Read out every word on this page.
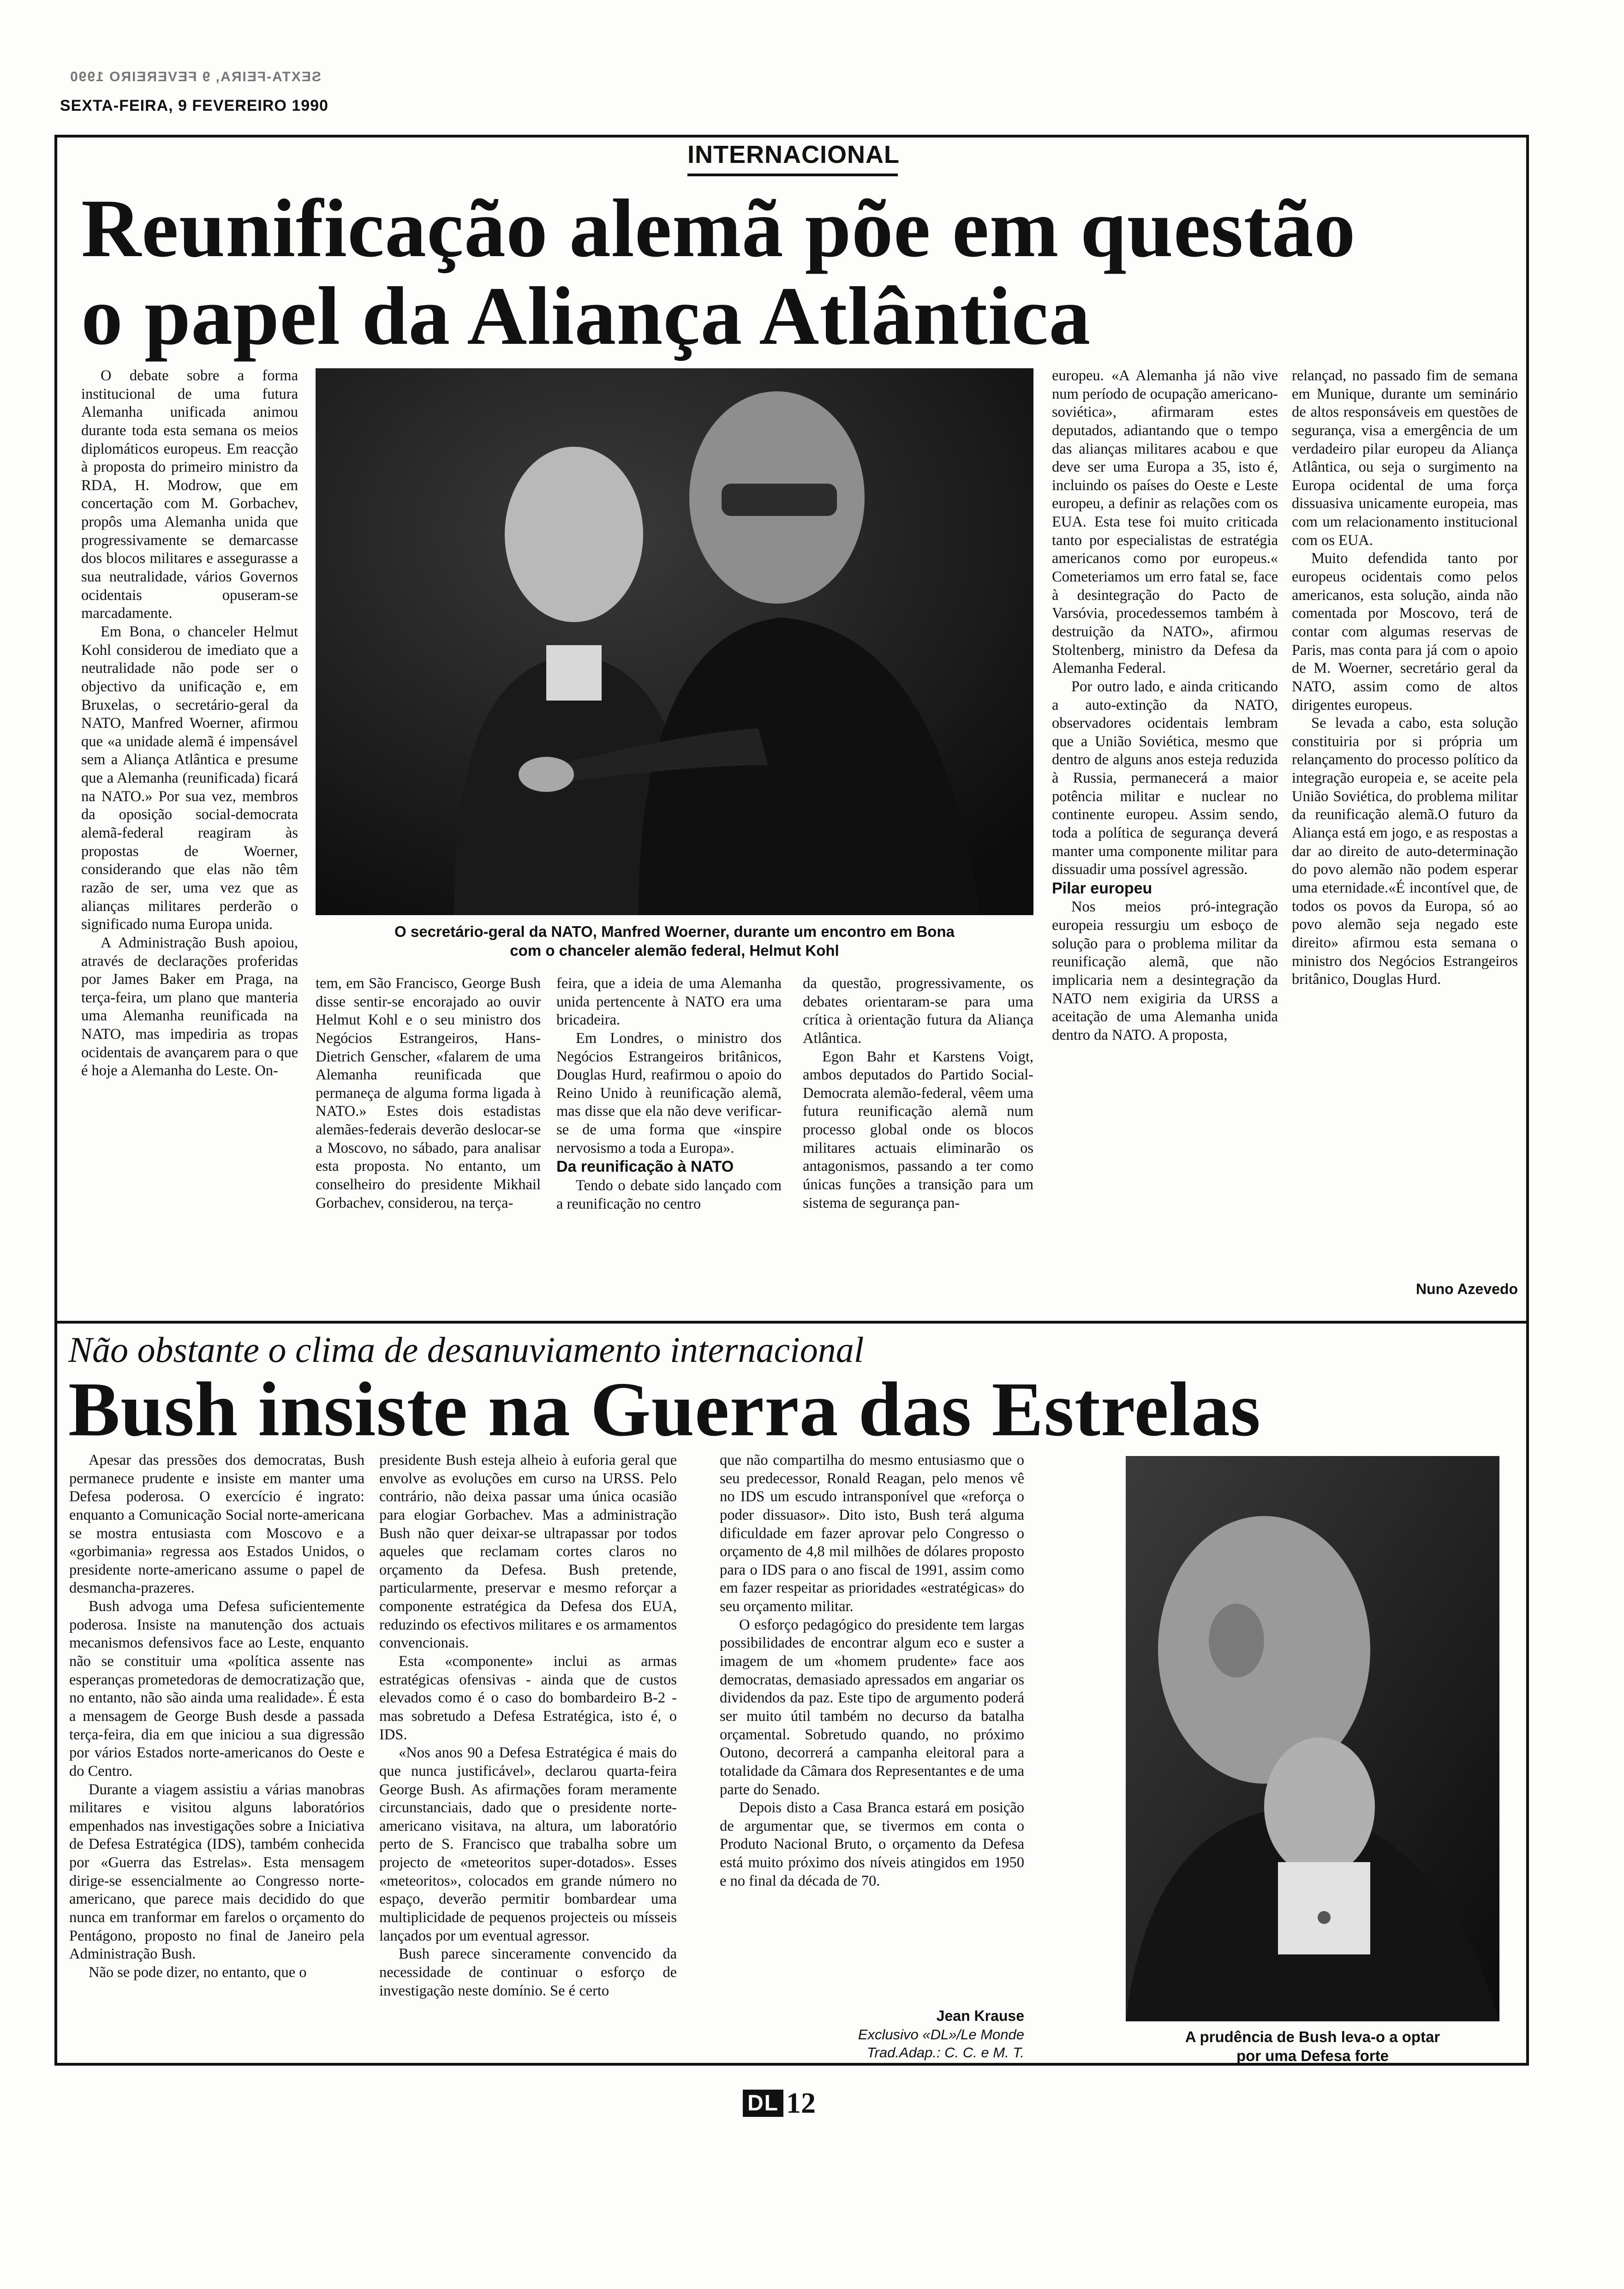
SEXTA-FEIRA, 9 FEVEREIRO 1990
SEXTA-FEIRA, 9 FEVEREIRO 1990
INTERNACIONAL
Reunificação alemã põe em questão
o papel da Aliança Atlântica
O secretário-geral da NATO, Manfred Woerner, durante um encontro em Bona
com o chanceler alemão federal, Helmut Kohl

O debate sobre a forma institucional de uma futura Alemanha unificada animou durante toda esta semana os meios diplomáticos europeus. Em reacção à proposta do primeiro ministro da RDA, H. Modrow, que em concertação com M. Gorbachev, propôs uma Alemanha unida que progressivamente se demarcasse dos blocos militares e assegurasse a sua neutralidade, vários Governos ocidentais opuseram-se marcadamente.

Em Bona, o chanceler Helmut Kohl considerou de imediato que a neutralidade não pode ser o objectivo da unificação e, em Bruxelas, o secretário-geral da NATO, Manfred Woerner, afirmou que «a unidade alemã é impensável sem a Aliança Atlântica e presume que a Alemanha (reunificada) ficará na NATO.» Por sua vez, membros da oposição social-democrata alemã-federal reagiram às propostas de Woerner, considerando que elas não têm razão de ser, uma vez que as alianças militares perderão o significado numa Europa unida.

A Administração Bush apoiou, através de declarações proferidas por James Baker em Praga, na terça-feira, um plano que manteria uma Alemanha reunificada na NATO, mas impediria as tropas ocidentais de avançarem para o que é hoje a Alemanha do Leste. On-

tem, em São Francisco, George Bush disse sentir-se encorajado ao ouvir Helmut Kohl e o seu ministro dos Negócios Estrangeiros, Hans-Dietrich Genscher, «falarem de uma Alemanha reunificada que permaneça de alguma forma ligada à NATO.» Estes dois estadistas alemães-federais deverão deslocar-se a Moscovo, no sábado, para analisar esta proposta. No entanto, um conselheiro do presidente Mikhail Gorbachev, considerou, na terça-

feira, que a ideia de uma Alemanha unida pertencente à NATO era uma bricadeira.

Em Londres, o ministro dos Negócios Estrangeiros britânicos, Douglas Hurd, reafirmou o apoio do Reino Unido à reunificação alemã, mas disse que ela não deve verificar-se de uma forma que «inspire nervosismo a toda a Europa».

Da reunificação à NATO

Tendo o debate sido lançado com a reunificação no centro

da questão, progressivamente, os debates orientaram-se para uma crítica à orientação futura da Aliança Atlântica.

Egon Bahr et Karstens Voigt, ambos deputados do Partido Social-Democrata alemão-federal, vêem uma futura reunificação alemã num processo global onde os blocos militares actuais eliminarão os antagonismos, passando a ter como únicas funções a transição para um sistema de segurança pan-

europeu. «A Alemanha já não vive num período de ocupação americano-soviética», afirmaram estes deputados, adiantando que o tempo das alianças militares acabou e que deve ser uma Europa a 35, isto é, incluindo os países do Oeste e Leste europeu, a definir as relações com os EUA. Esta tese foi muito criticada tanto por especialistas de estratégia americanos como por europeus.« Cometeriamos um erro fatal se, face à desintegração do Pacto de Varsóvia, procedessemos também à destruição da NATO», afirmou Stoltenberg, ministro da Defesa da Alemanha Federal.

Por outro lado, e ainda criticando a auto-extinção da NATO, observadores ocidentais lembram que a União Soviética, mesmo que dentro de alguns anos esteja reduzida à Russia, permanecerá a maior potência militar e nuclear no continente europeu. Assim sendo, toda a política de segurança deverá manter uma componente militar para dissuadir uma possível agressão.

Pilar europeu

Nos meios pró-integração europeia ressurgiu um esboço de solução para o problema militar da reunificação alemã, que não implicaria nem a desintegração da NATO nem exigiria da URSS a aceitação de uma Alemanha unida dentro da NATO. A proposta,

relançad, no passado fim de semana em Munique, durante um seminário de altos responsáveis em questões de segurança, visa a emergência de um verdadeiro pilar europeu da Aliança Atlântica, ou seja o surgimento na Europa ocidental de uma força dissuasiva unicamente europeia, mas com um relacionamento institucional com os EUA.

Muito defendida tanto por europeus ocidentais como pelos americanos, esta solução, ainda não comentada por Moscovo, terá de contar com algumas reservas de Paris, mas conta para já com o apoio de M. Woerner, secretário geral da NATO, assim como de altos dirigentes europeus.

Se levada a cabo, esta solução constituiria por si própria um relançamento do processo político da integração europeia e, se aceite pela União Soviética, do problema militar da reunificação alemã.O futuro da Aliança está em jogo, e as respostas a dar ao direito de auto-determinação do povo alemão não podem esperar uma eternidade.«É incontível que, de todos os povos da Europa, só ao povo alemão seja negado este direito» afirmou esta semana o ministro dos Negócios Estrangeiros britânico, Douglas Hurd.

Nuno Azevedo
Não obstante o clima de desanuviamento internacional
Bush insiste na Guerra das Estrelas

Apesar das pressões dos democratas, Bush permanece prudente e insiste em manter uma Defesa poderosa. O exercício é ingrato: enquanto a Comunicação Social norte-americana se mostra entusiasta com Moscovo e a «gorbimania» regressa aos Estados Unidos, o presidente norte-americano assume o papel de desmancha-prazeres.

Bush advoga uma Defesa suficientemente poderosa. Insiste na manutenção dos actuais mecanismos defensivos face ao Leste, enquanto não se constituir uma «política assente nas esperanças prometedoras de democratização que, no entanto, não são ainda uma realidade». É esta a mensagem de George Bush desde a passada terça-feira, dia em que iniciou a sua digressão por vários Estados norte-americanos do Oeste e do Centro.

Durante a viagem assistiu a várias manobras militares e visitou alguns laboratórios empenhados nas investigações sobre a Iniciativa de Defesa Estratégica (IDS), também conhecida por «Guerra das Estrelas». Esta mensagem dirige-se essencialmente ao Congresso norte-americano, que parece mais decidido do que nunca em tranformar em farelos o orçamento do Pentágono, proposto no final de Janeiro pela Administração Bush.

Não se pode dizer, no entanto, que o

presidente Bush esteja alheio à euforia geral que envolve as evoluções em curso na URSS. Pelo contrário, não deixa passar uma única ocasião para elogiar Gorbachev. Mas a administração Bush não quer deixar-se ultrapassar por todos aqueles que reclamam cortes claros no orçamento da Defesa. Bush pretende, particularmente, preservar e mesmo reforçar a componente estratégica da Defesa dos EUA, reduzindo os efectivos militares e os armamentos convencionais.

Esta «componente» inclui as armas estratégicas ofensivas - ainda que de custos elevados como é o caso do bombardeiro B-2 - mas sobretudo a Defesa Estratégica, isto é, o IDS.

«Nos anos 90 a Defesa Estratégica é mais do que nunca justificável», declarou quarta-feira George Bush. As afirmações foram meramente circunstanciais, dado que o presidente norte-americano visitava, na altura, um laboratório perto de S. Francisco que trabalha sobre um projecto de «meteoritos super-dotados». Esses «meteoritos», colocados em grande número no espaço, deverão permitir bombardear uma multiplicidade de pequenos projecteis ou mísseis lançados por um eventual agressor.

Bush parece sinceramente convencido da necessidade de continuar o esforço de investigação neste domínio. Se é certo

que não compartilha do mesmo entusiasmo que o seu predecessor, Ronald Reagan, pelo menos vê no IDS um escudo intransponível que «reforça o poder dissuasor». Dito isto, Bush terá alguma dificuldade em fazer aprovar pelo Congresso o orçamento de 4,8 mil milhões de dólares proposto para o IDS para o ano fiscal de 1991, assim como em fazer respeitar as prioridades «estratégicas» do seu orçamento militar.

O esforço pedagógico do presidente tem largas possibilidades de encontrar algum eco e suster a imagem de um «homem prudente» face aos democratas, demasiado apressados em angariar os dividendos da paz. Este tipo de argumento poderá ser muito útil também no decurso da batalha orçamental. Sobretudo quando, no próximo Outono, decorrerá a campanha eleitoral para a totalidade da Câmara dos Representantes e de uma parte do Senado.

Depois disto a Casa Branca estará em posição de argumentar que, se tivermos em conta o Produto Nacional Bruto, o orçamento da Defesa está muito próximo dos níveis atingidos em 1950 e no final da década de 70.

Jean Krause
Exclusivo «DL»/Le Monde
Trad.Adap.: C. C. e M. T.
A prudência de Bush leva-o a optar
por uma Defesa forte
DL 12
